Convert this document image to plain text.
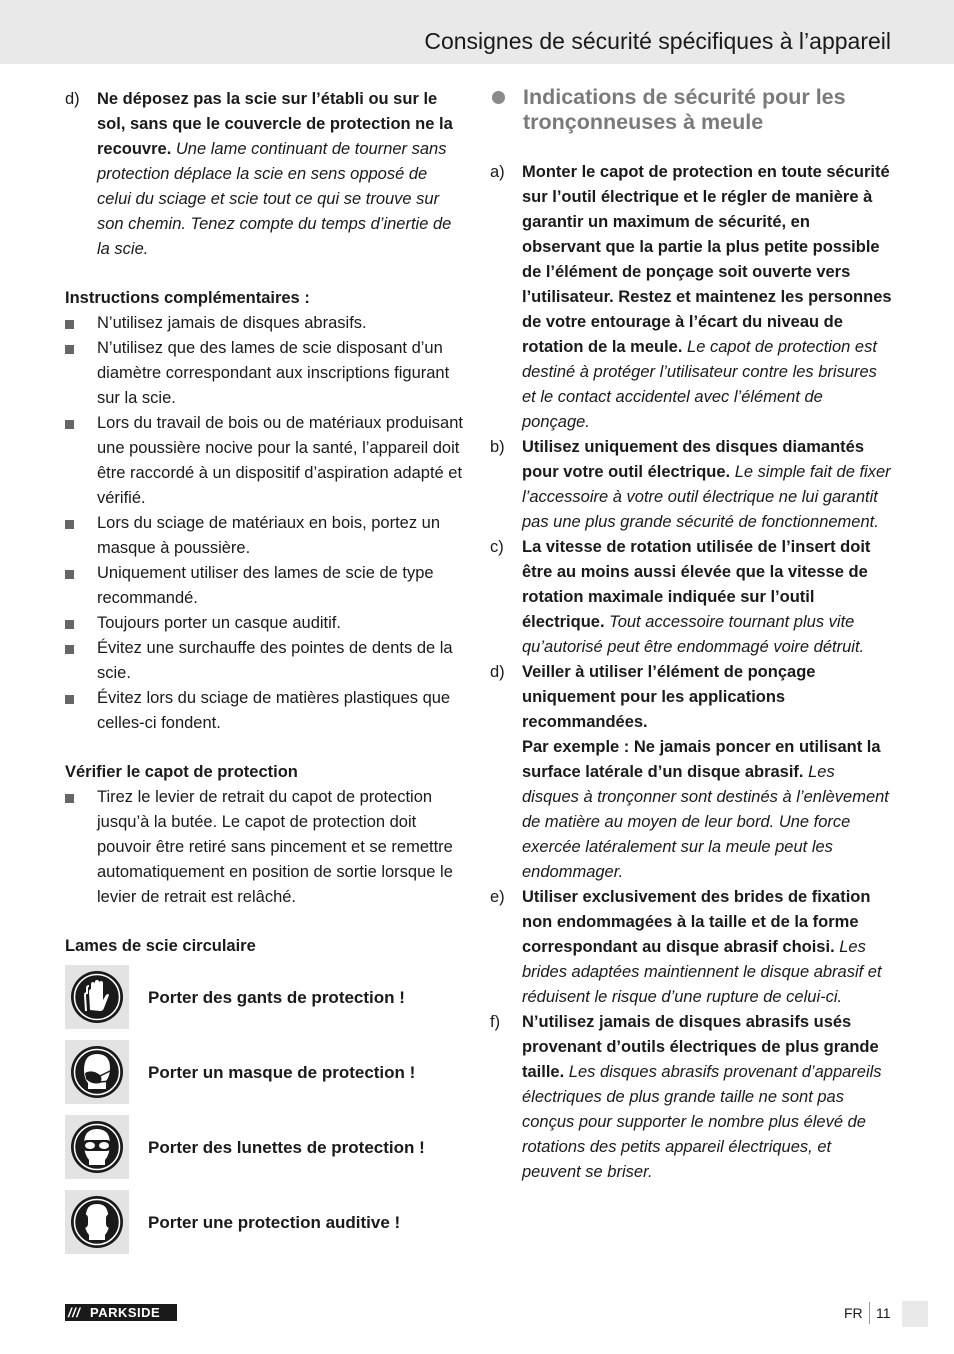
Consignes de sécurité spécifiques à l’appareil
d) Ne déposez pas la scie sur l’établi ou sur le sol, sans que le couvercle de protection ne la recouvre. Une lame continuant de tourner sans protection déplace la scie en sens opposé de celui du sciage et scie tout ce qui se trouve sur son chemin. Tenez compte du temps d’inertie de la scie.
Instructions complémentaires :
N’utilisez jamais de disques abrasifs.
N’utilisez que des lames de scie disposant d’un diamètre correspondant aux inscriptions figurant sur la scie.
Lors du travail de bois ou de matériaux produisant une poussière nocive pour la santé, l’appareil doit être raccordé à un dispositif d’aspiration adapté et vérifié.
Lors du sciage de matériaux en bois, portez un masque à poussière.
Uniquement utiliser des lames de scie de type recommandé.
Toujours porter un casque auditif.
Évitez une surchauffe des pointes de dents de la scie.
Évitez lors du sciage de matières plastiques que celles-ci fondent.
Vérifier le capot de protection
Tirez le levier de retrait du capot de protection jusqu’à la butée. Le capot de protection doit pouvoir être retiré sans pincement et se remettre automatiquement en position de sortie lorsque le levier de retrait est relâché.
Lames de scie circulaire
Porter des gants de protection !
Porter un masque de protection !
Porter des lunettes de protection !
Porter une protection auditive !
Indications de sécurité pour les tronçonneuses à meule
a) Monter le capot de protection en toute sécurité sur l’outil électrique et le régler de manière à garantir un maximum de sécurité, en observant que la partie la plus petite possible de l’élément de ponçage soit ouverte vers l’utilisateur. Restez et maintenez les personnes de votre entourage à l’écart du niveau de rotation de la meule. Le capot de protection est destiné à protéger l’utilisateur contre les brisures et le contact accidentel avec l’élément de ponçage.
b) Utilisez uniquement des disques diamantés pour votre outil électrique. Le simple fait de fixer l’accessoire à votre outil électrique ne lui garantit pas une plus grande sécurité de fonctionnement.
c) La vitesse de rotation utilisée de l’insert doit être au moins aussi élevée que la vitesse de rotation maximale indiquée sur l’outil électrique. Tout accessoire tournant plus vite qu’autorisé peut être endommagé voire détruit.
d) Veiller à utiliser l’élément de ponçage uniquement pour les applications recommandées.
Par exemple : Ne jamais poncer en utilisant la surface latérale d’un disque abrasif. Les disques à tronçonner sont destinés à l’enlèvement de matière au moyen de leur bord. Une force exercée latéralement sur la meule peut les endommager.
e) Utiliser exclusivement des brides de fixation non endommagées à la taille et de la forme correspondant au disque abrasif choisi. Les brides adaptées maintiennent le disque abrasif et réduisent le risque d’une rupture de celui-ci.
f) N’utilisez jamais de disques abrasifs usés provenant d’outils électriques de plus grande taille. Les disques abrasifs provenant d’appareils électriques de plus grande taille ne sont pas conçus pour supporter le nombre plus élevé de rotations des petits appareil électriques, et peuvent se briser.
/// PARKSIDE	FR 11
